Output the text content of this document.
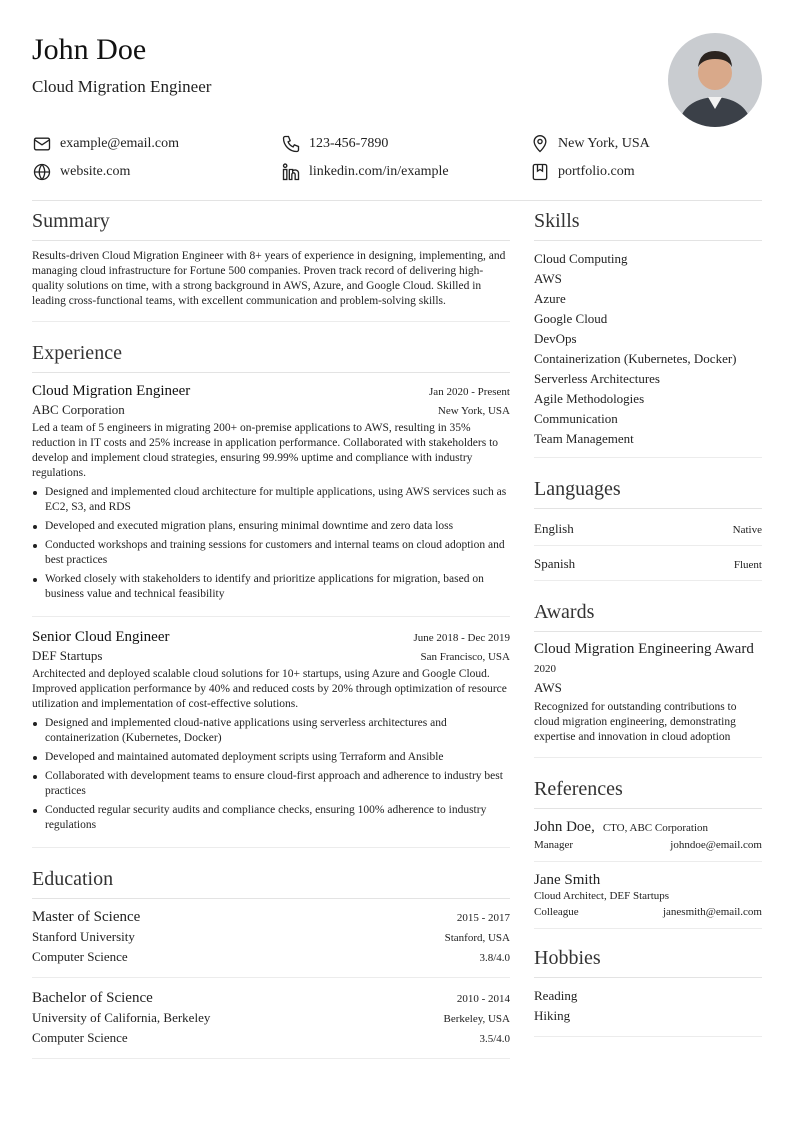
John Doe
Cloud Migration Engineer
example@email.com	123-456-7890	New York, USA
website.com	linkedin.com/in/example	portfolio.com
Summary
Results-driven Cloud Migration Engineer with 8+ years of experience in designing, implementing, and managing cloud infrastructure for Fortune 500 companies. Proven track record of delivering high-quality solutions on time, with a strong background in AWS, Azure, and Google Cloud. Skilled in leading cross-functional teams, with excellent communication and problem-solving skills.
Experience
Cloud Migration Engineer	Jan 2020 - Present
ABC Corporation	New York, USA
Led a team of 5 engineers in migrating 200+ on-premise applications to AWS, resulting in 35% reduction in IT costs and 25% increase in application performance. Collaborated with stakeholders to develop and implement cloud strategies, ensuring 99.99% uptime and compliance with industry regulations.
Designed and implemented cloud architecture for multiple applications, using AWS services such as EC2, S3, and RDS
Developed and executed migration plans, ensuring minimal downtime and zero data loss
Conducted workshops and training sessions for customers and internal teams on cloud adoption and best practices
Worked closely with stakeholders to identify and prioritize applications for migration, based on business value and technical feasibility
Senior Cloud Engineer	June 2018 - Dec 2019
DEF Startups	San Francisco, USA
Architected and deployed scalable cloud solutions for 10+ startups, using Azure and Google Cloud. Improved application performance by 40% and reduced costs by 20% through optimization of resource utilization and implementation of cost-effective solutions.
Designed and implemented cloud-native applications using serverless architectures and containerization (Kubernetes, Docker)
Developed and maintained automated deployment scripts using Terraform and Ansible
Collaborated with development teams to ensure cloud-first approach and adherence to industry best practices
Conducted regular security audits and compliance checks, ensuring 100% adherence to industry regulations
Education
Master of Science	2015 - 2017
Stanford University	Stanford, USA
Computer Science	3.8/4.0
Bachelor of Science	2010 - 2014
University of California, Berkeley	Berkeley, USA
Computer Science	3.5/4.0
Skills
Cloud Computing
AWS
Azure
Google Cloud
DevOps
Containerization (Kubernetes, Docker)
Serverless Architectures
Agile Methodologies
Communication
Team Management
Languages
English	Native
Spanish	Fluent
Awards
Cloud Migration Engineering Award
2020
AWS
Recognized for outstanding contributions to cloud migration engineering, demonstrating expertise and innovation in cloud adoption
References
John Doe, CTO, ABC Corporation
Manager	johndoe@email.com
Jane Smith
Cloud Architect, DEF Startups
Colleague	janesmith@email.com
Hobbies
Reading
Hiking
